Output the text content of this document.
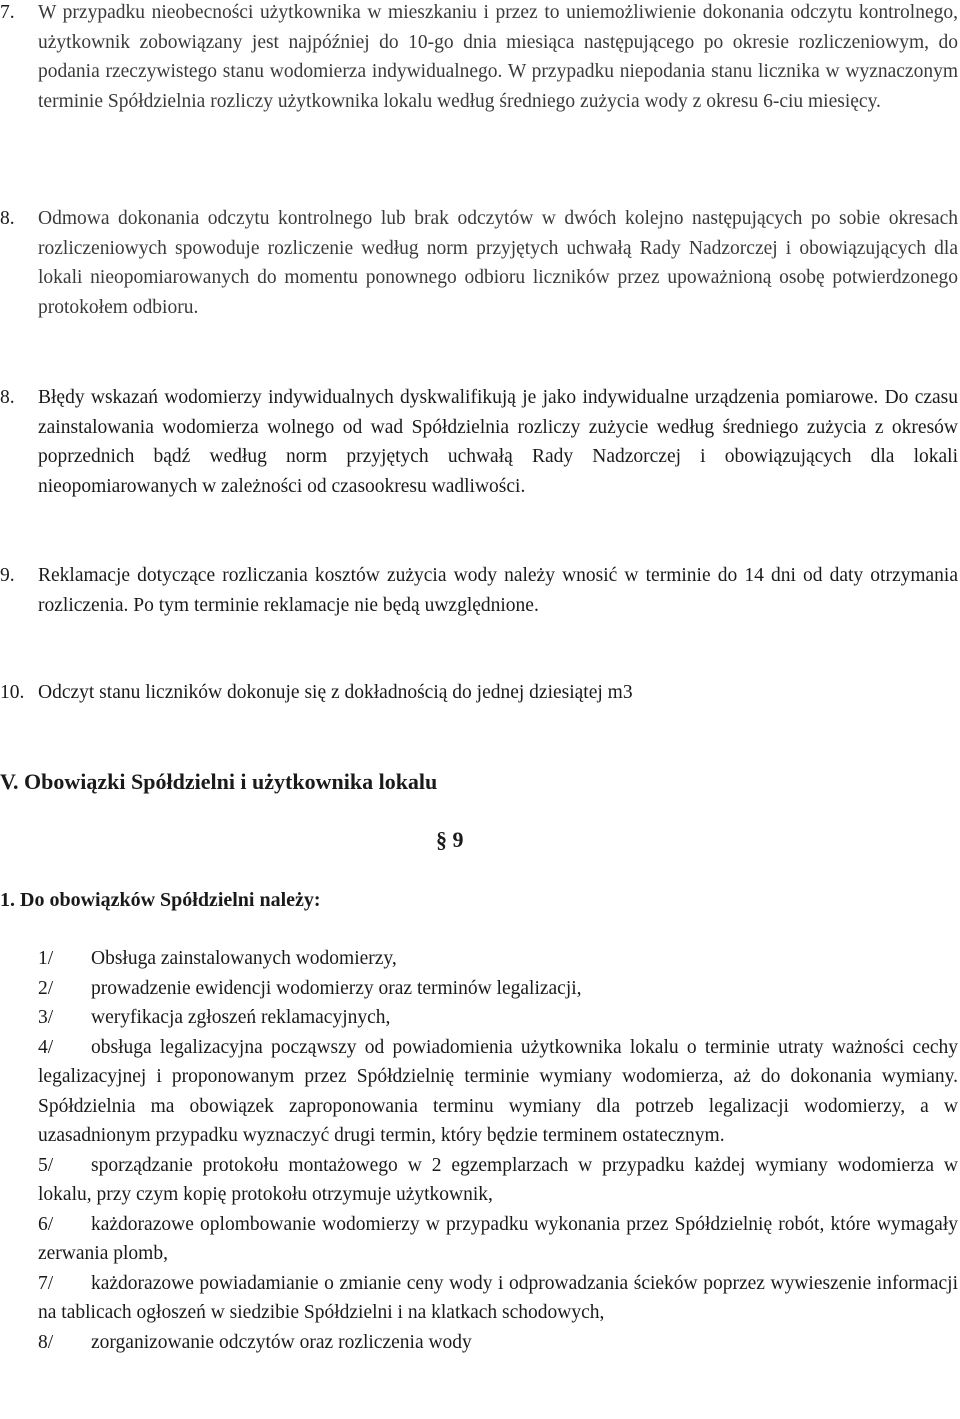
7.	W przypadku nieobecności użytkownika w mieszkaniu i przez to uniemożliwienie dokonania odczytu kontrolnego, użytkownik zobowiązany jest najpóźniej do 10-go dnia miesiąca następującego po okresie rozliczeniowym, do podania rzeczywistego stanu wodomierza indywidualnego. W przypadku niepodania stanu licznika w wyznaczonym terminie Spółdzielnia rozliczy użytkownika lokalu według średniego zużycia wody z okresu 6-ciu miesięcy.
8.	Odmowa dokonania odczytu kontrolnego lub brak odczytów w dwóch kolejno następujących po sobie okresach rozliczeniowych spowoduje rozliczenie według norm przyjętych uchwałą Rady Nadzorczej i obowiązujących dla lokali nieopomiarowanych do momentu ponownego odbioru liczników przez upoważnioną osobę potwierdzonego protokołem odbioru.
8.	Błędy wskazań wodomierzy indywidualnych dyskwalifikują je jako indywidualne urządzenia pomiarowe. Do czasu zainstalowania wodomierza wolnego od wad Spółdzielnia rozliczy zużycie według średniego zużycia z okresów poprzednich bądź według norm przyjętych uchwałą Rady Nadzorczej i obowiązujących dla lokali nieopomiarowanych w zależności od czasookresu wadliwości.
9.	Reklamacje dotyczące rozliczania kosztów zużycia wody należy wnosić w terminie do 14 dni od daty otrzymania rozliczenia. Po tym terminie reklamacje nie będą uwzględnione.
10. Odczyt stanu liczników dokonuje się z dokładnością do jednej dziesiątej m3
V. Obowiązki Spółdzielni i użytkownika lokalu
§ 9
1. Do obowiązków Spółdzielni należy:
1/	Obsługa zainstalowanych wodomierzy,
2/	prowadzenie ewidencji wodomierzy oraz terminów legalizacji,
3/	weryfikacja zgłoszeń reklamacyjnych,
4/	obsługa legalizacyjna począwszy od powiadomienia użytkownika lokalu o terminie utraty ważności cechy legalizacyjnej i proponowanym przez Spółdzielnię terminie wymiany wodomierza, aż do dokonania wymiany. Spółdzielnia ma obowiązek zaproponowania terminu wymiany dla potrzeb legalizacji wodomierzy, a w uzasadnionym przypadku wyznaczyć drugi termin, który będzie terminem ostatecznym.
5/	sporządzanie protokołu montażowego w 2 egzemplarzach w przypadku każdej wymiany wodomierza w lokalu, przy czym kopię protokołu otrzymuje użytkownik,
6/	każdorazowe oplombowanie wodomierzy w przypadku wykonania przez Spółdzielnię robót, które wymagały zerwania plomb,
7/	każdorazowe powiadamianie o zmianie ceny wody i odprowadzania ścieków poprzez wywieszenie informacji na tablicach ogłoszeń w siedzibie Spółdzielni i na klatkach schodowych,
8/	zorganizowanie odczytów oraz rozliczenia wody
